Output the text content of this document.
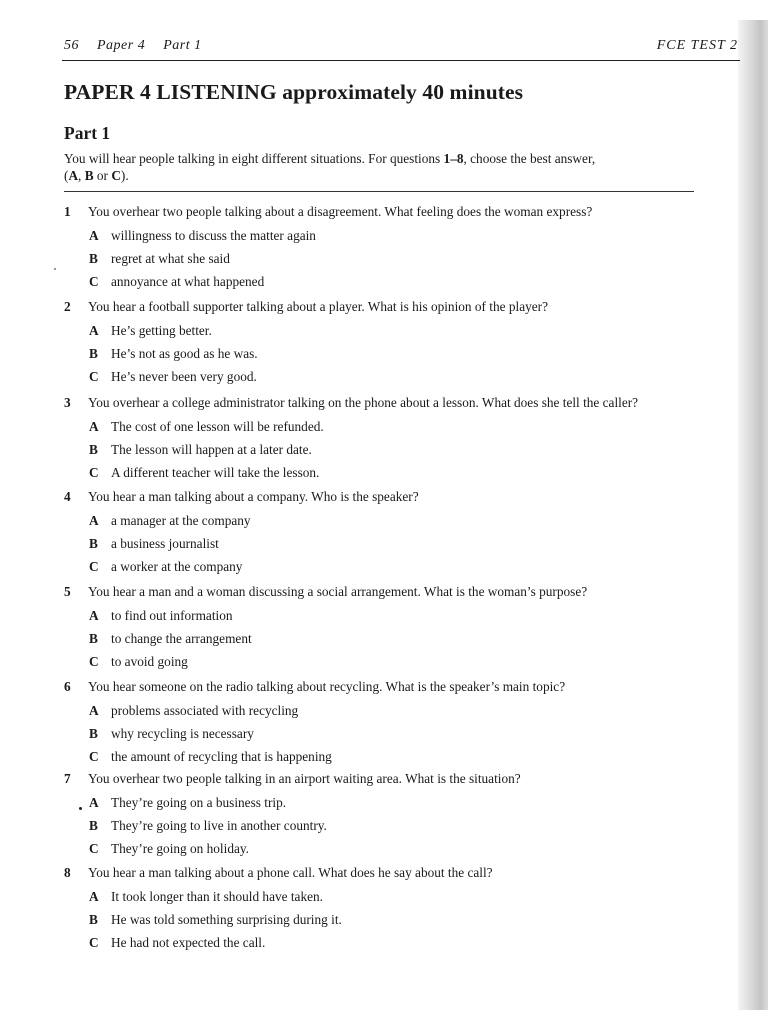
56 Paper 4 Part 1	FCE TEST 2
PAPER 4 LISTENING approximately 40 minutes
Part 1
You will hear people talking in eight different situations. For questions 1–8, choose the best answer,
(A, B or C).
1 You overhear two people talking about a disagreement. What feeling does the woman express?
A willingness to discuss the matter again
B regret at what she said
C annoyance at what happened
2 You hear a football supporter talking about a player. What is his opinion of the player?
A He’s getting better.
B He’s not as good as he was.
C He’s never been very good.
3 You overhear a college administrator talking on the phone about a lesson. What does she tell the caller?
A The cost of one lesson will be refunded.
B The lesson will happen at a later date.
C A different teacher will take the lesson.
4 You hear a man talking about a company. Who is the speaker?
A a manager at the company
B a business journalist
C a worker at the company
5 You hear a man and a woman discussing a social arrangement. What is the woman’s purpose?
A to find out information
B to change the arrangement
C to avoid going
6 You hear someone on the radio talking about recycling. What is the speaker’s main topic?
A problems associated with recycling
B why recycling is necessary
C the amount of recycling that is happening
7 You overhear two people talking in an airport waiting area. What is the situation?
A They’re going on a business trip.
B They’re going to live in another country.
C They’re going on holiday.
8 You hear a man talking about a phone call. What does he say about the call?
A It took longer than it should have taken.
B He was told something surprising during it.
C He had not expected the call.
